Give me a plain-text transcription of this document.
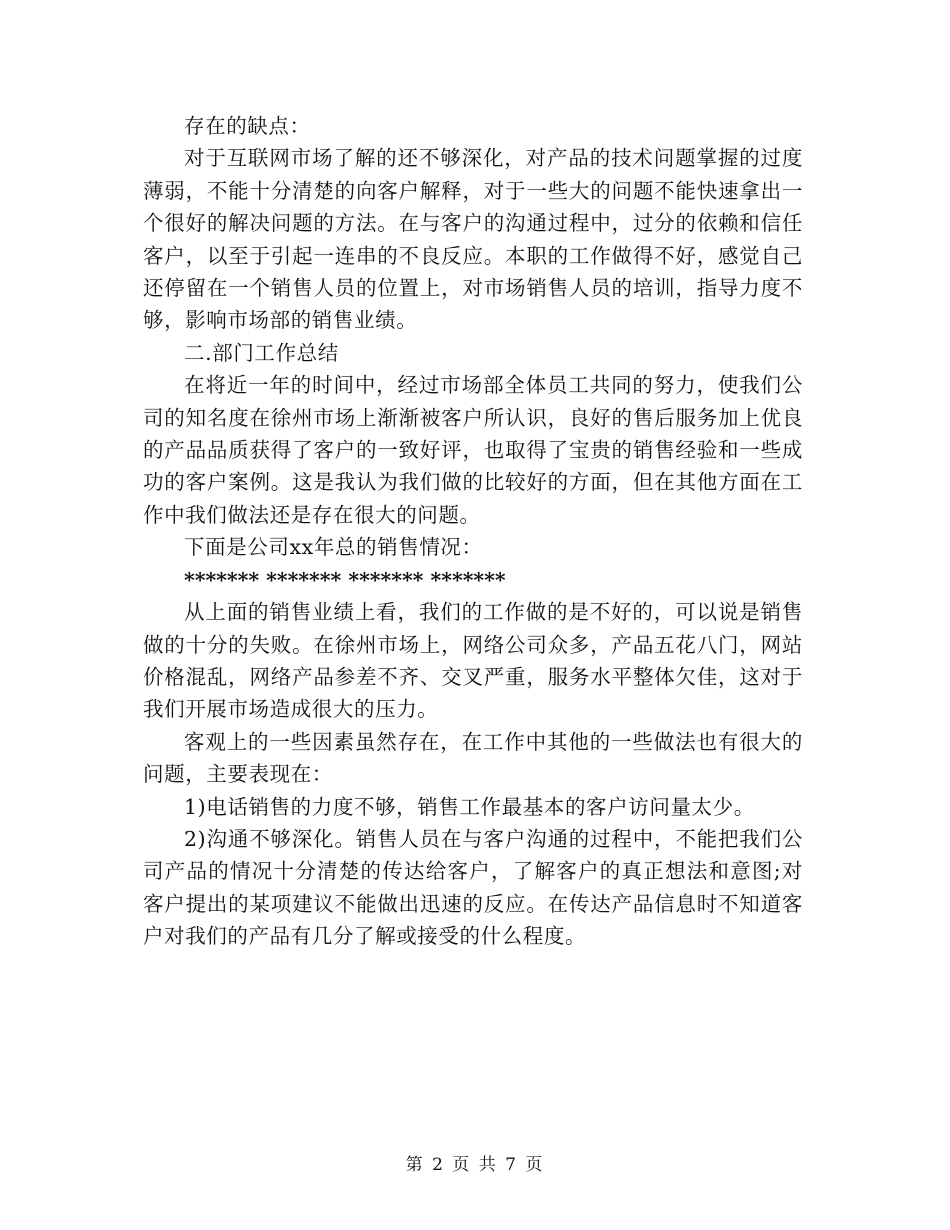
存在的缺点：

对于互联网市场了解的还不够深化，对产品的技术问题掌握的过度薄弱，不能十分清楚的向客户解释，对于一些大的问题不能快速拿出一个很好的解决问题的方法。在与客户的沟通过程中，过分的依赖和信任客户，以至于引起一连串的不良反应。本职的工作做得不好，感觉自己还停留在一个销售人员的位置上，对市场销售人员的培训，指导力度不够，影响市场部的销售业绩。

二.部门工作总结

在将近一年的时间中，经过市场部全体员工共同的努力，使我们公司的知名度在徐州市场上渐渐被客户所认识，良好的售后服务加上优良的产品品质获得了客户的一致好评，也取得了宝贵的销售经验和一些成功的客户案例。这是我认为我们做的比较好的方面，但在其他方面在工作中我们做法还是存在很大的问题。

下面是公司xx年总的销售情况：

******* ******* ******* *******

从上面的销售业绩上看，我们的工作做的是不好的，可以说是销售做的十分的失败。在徐州市场上，网络公司众多，产品五花八门，网站价格混乱，网络产品参差不齐、交叉严重，服务水平整体欠佳，这对于我们开展市场造成很大的压力。

客观上的一些因素虽然存在，在工作中其他的一些做法也有很大的问题，主要表现在：

1)电话销售的力度不够，销售工作最基本的客户访问量太少。

2)沟通不够深化。销售人员在与客户沟通的过程中，不能把我们公司产品的情况十分清楚的传达给客户，了解客户的真正想法和意图;对客户提出的某项建议不能做出迅速的反应。在传达产品信息时不知道客户对我们的产品有几分了解或接受的什么程度。

第 2 页 共 7 页
